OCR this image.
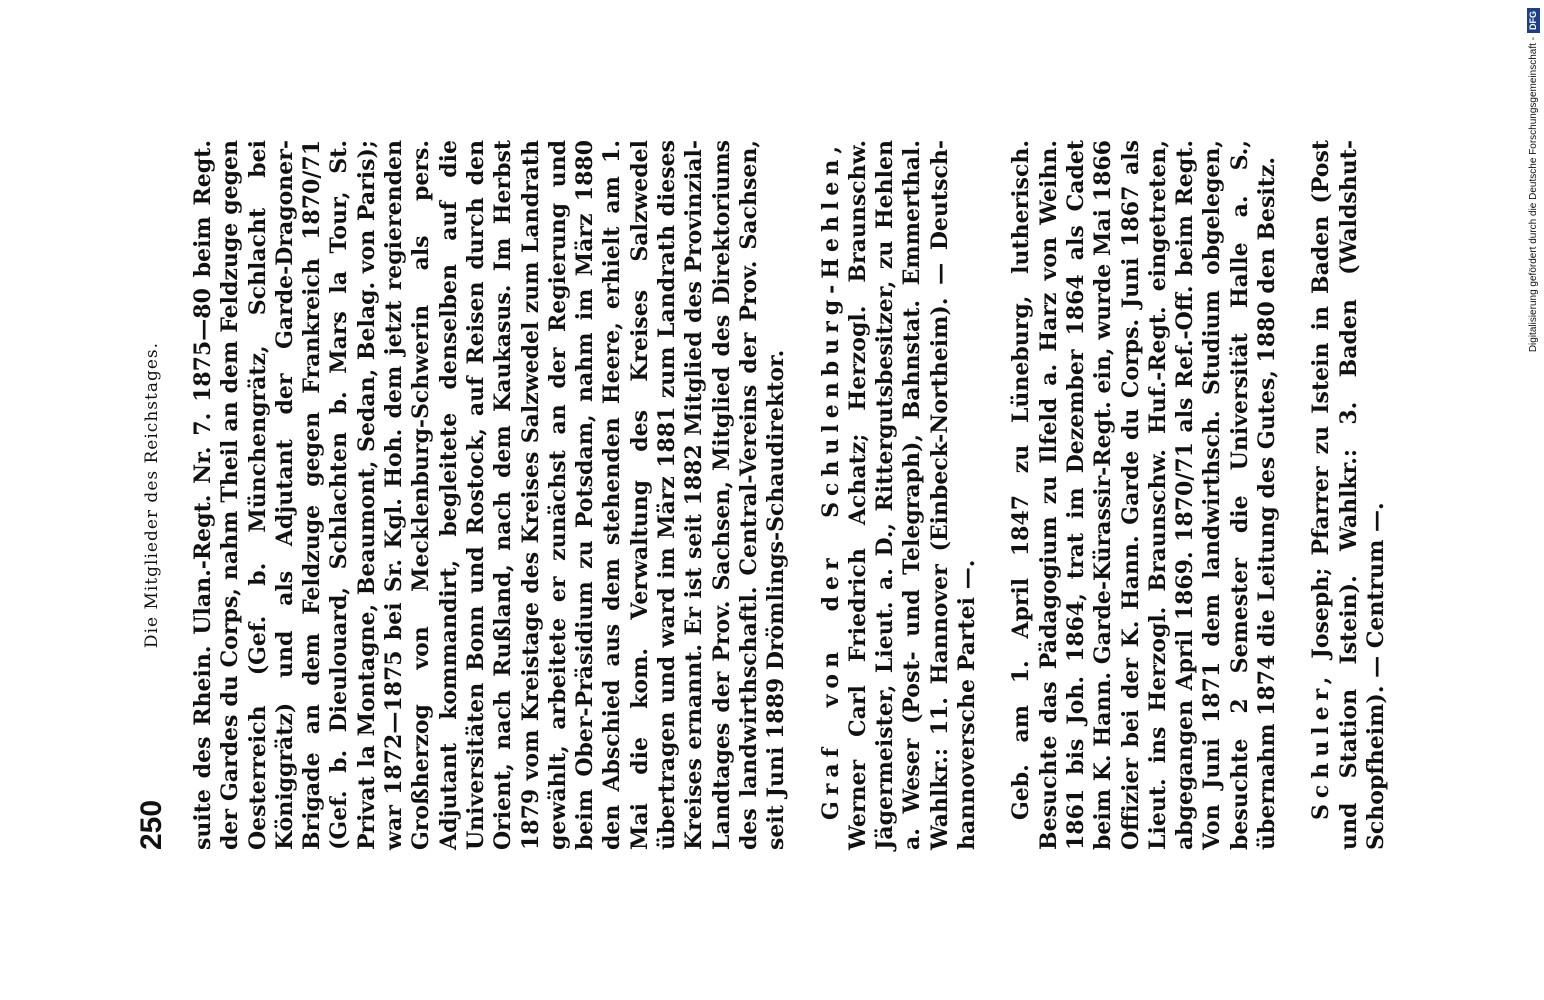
250
Die Mitglieder des Reichstages. suite des Rhein. Ulan.-Regt. Nr. 7. 1875—80 beim Regt. der Gardes du Corps, nahm Theil an dem Feldzuge gegen Oesterreich (Gef. b. Münchengrätz, Schlacht bei Königgrätz) und als Adjutant der Garde-Dragoner-Brigade an dem Feldzuge gegen Frankreich 1870/71 (Gef. b. Dieulouard, Schlachten b. Mars la Tour, St. Privat la Montagne, Beaumont, Sedan, Belag. von Paris); war 1872—1875 bei Sr. Kgl. Hoh. dem jetzt regierenden Großherzog von Mecklenburg-Schwerin als pers. Adjutant kommandirt, begleitete denselben auf die Universitäten Bonn und Rostock, auf Reisen durch den Orient, nach Rußland, nach dem Kaukasus. Im Herbst 1879 vom Kreistage des Kreises Salzwedel zum Landrath gewählt, arbeitete er zunächst an der Regierung und beim Ober-Präsidium zu Potsdam, nahm im März 1880 den Abschied aus dem stehenden Heere, erhielt am 1. Mai die kom. Verwaltung des Kreises Salzwedel übertragen und ward im März 1881 zum Landrath dieses Kreises ernannt. Er ist seit 1882 Mitglied des Provinzial-Landtages der Prov. Sachsen, Mitglied des Direktoriums des landwirthschaftl. Central-Vereins der Prov. Sachsen, seit Juni 1889 Drömlings-Schaudirektor. Graf von der Schulenburg-Hehlen, Werner Carl Friedrich Achatz; Herzogl. Braunschw. Jägermeister, Lieut. a. D., Rittergutsbesitzer, zu Hehlen a. Weser (Post- und Telegraph), Bahnstat. Emmerthal. Wahlkr.: 11. Hannover (Einbeck-Northeim). — Deutsch-hannoversche Partei —. Geb. am 1. April 1847 zu Lüneburg, lutherisch. Besuchte das Pädagogium zu Ilfeld a. Harz von Weihn. 1861 bis Joh. 1864, trat im Dezember 1864 als Cadet beim K. Hann. Garde-Kürassir-Regt. ein, wurde Mai 1866 Offizier bei der K. Hann. Garde du Corps. Juni 1867 als Lieut. ins Herzogl. Braunschw. Huf.-Regt. eingetreten, abgegangen April 1869. 1870/71 als Ref.-Off. beim Regt. Von Juni 1871 dem landwirthsch. Studium obgelegen, besuchte 2 Semester die Universität Halle a. S., übernahm 1874 die Leitung des Gutes, 1880 den Besitz. Schuler, Joseph; Pfarrer zu Istein in Baden (Post und Station Istein). Wahlkr.: 3. Baden (Waldshut-Schopfheim). — Centrum —.

Digitalisierung gefördert durch die Deutsche Forschungsgemeinschaft -
DFG
